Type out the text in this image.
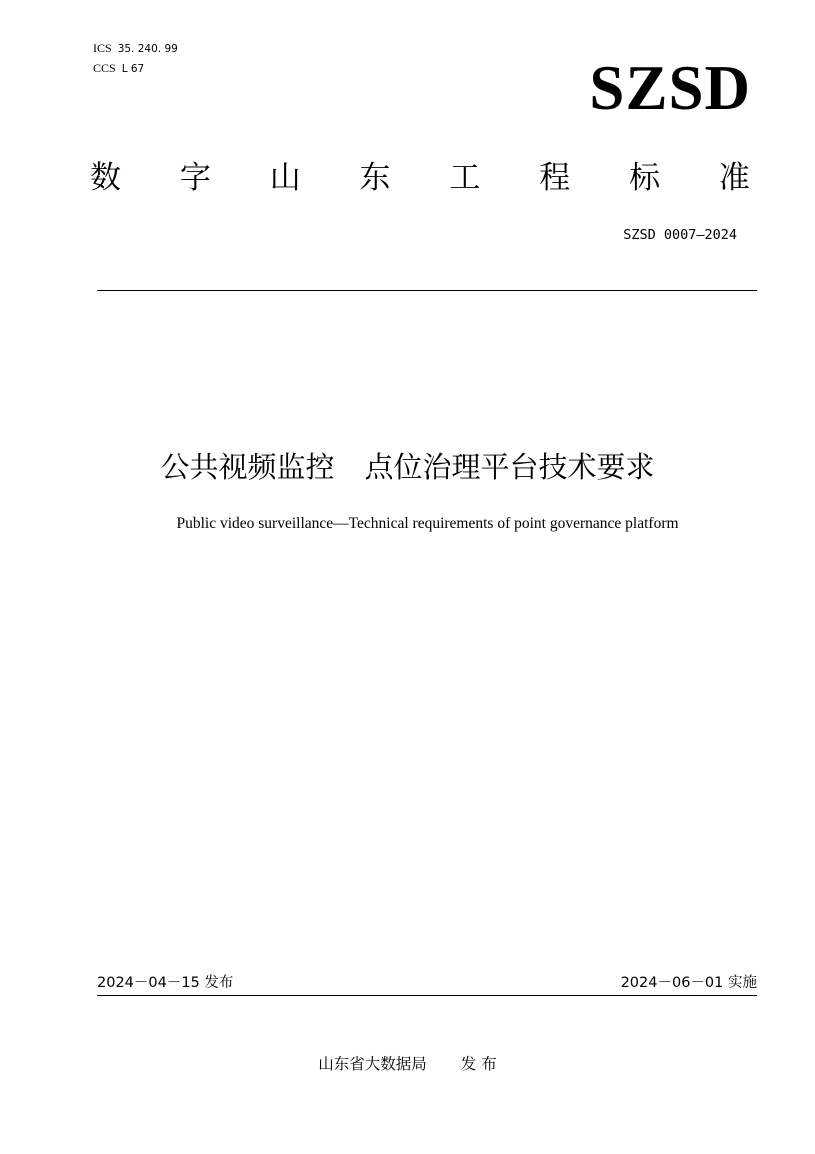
ICS 35. 240. 99
CCS L 67	SZSD
数 字 山 东 工 程 标 准
SZSD 0007—2024
公共视频监控 点位治理平台技术要求
Public video surveillance—Technical requirements of point governance platform
2024－04－15 发布	2024－06－01 实施
山东省大数据局 发 布
